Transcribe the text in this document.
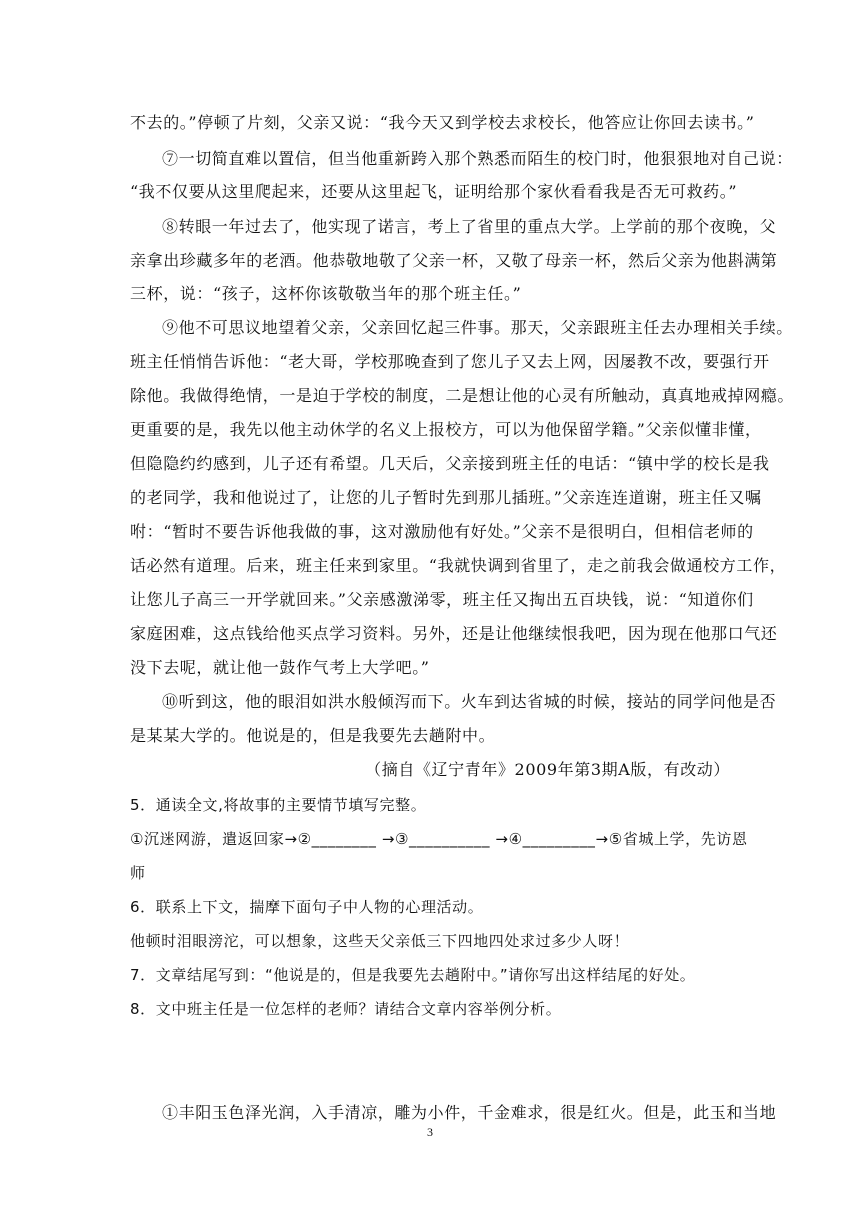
不去的。”停顿了片刻，父亲又说：“我今天又到学校去求校长，他答应让你回去读书。”
⑦一切简直难以置信，但当他重新跨入那个熟悉而陌生的校门时，他狠狠地对自己说：
“我不仅要从这里爬起来，还要从这里起飞，证明给那个家伙看看我是否无可救药。”
⑧转眼一年过去了，他实现了诺言，考上了省里的重点大学。上学前的那个夜晚，父
亲拿出珍藏多年的老酒。他恭敬地敬了父亲一杯，又敬了母亲一杯，然后父亲为他斟满第
三杯，说：“孩子，这杯你该敬敬当年的那个班主任。”
⑨他不可思议地望着父亲，父亲回忆起三件事。那天，父亲跟班主任去办理相关手续。
班主任悄悄告诉他：“老大哥，学校那晚查到了您儿子又去上网，因屡教不改，要强行开
除他。我做得绝情，一是迫于学校的制度，二是想让他的心灵有所触动，真真地戒掉网瘾。
更重要的是，我先以他主动休学的名义上报校方，可以为他保留学籍。”父亲似懂非懂，
但隐隐约约感到，儿子还有希望。几天后，父亲接到班主任的电话：“镇中学的校长是我
的老同学，我和他说过了，让您的儿子暂时先到那儿插班。”父亲连连道谢，班主任又嘱
咐：“暂时不要告诉他我做的事，这对激励他有好处。”父亲不是很明白，但相信老师的
话必然有道理。后来，班主任来到家里。“我就快调到省里了，走之前我会做通校方工作，
让您儿子高三一开学就回来。”父亲感激涕零，班主任又掏出五百块钱，说：“知道你们
家庭困难，这点钱给他买点学习资料。另外，还是让他继续恨我吧，因为现在他那口气还
没下去呢，就让他一鼓作气考上大学吧。”
⑩听到这，他的眼泪如洪水般倾泻而下。火车到达省城的时候，接站的同学问他是否
是某某大学的。他说是的，但是我要先去趟附中。
（摘自《辽宁青年》2009年第3期A版，有改动）
5．通读全文,将故事的主要情节填写完整。
①沉迷网游，遣返回家→②________ →③__________ →④_________→⑤省城上学，先访恩
师
6．联系上下文，揣摩下面句子中人物的心理活动。
他顿时泪眼滂沱，可以想象，这些天父亲低三下四地四处求过多少人呀！
7．文章结尾写到：“他说是的，但是我要先去趟附中。”请你写出这样结尾的好处。
8．文中班主任是一位怎样的老师？请结合文章内容举例分析。
①丰阳玉色泽光润，入手清凉，雕为小件，千金难求，很是红火。但是，此玉和当地
3
